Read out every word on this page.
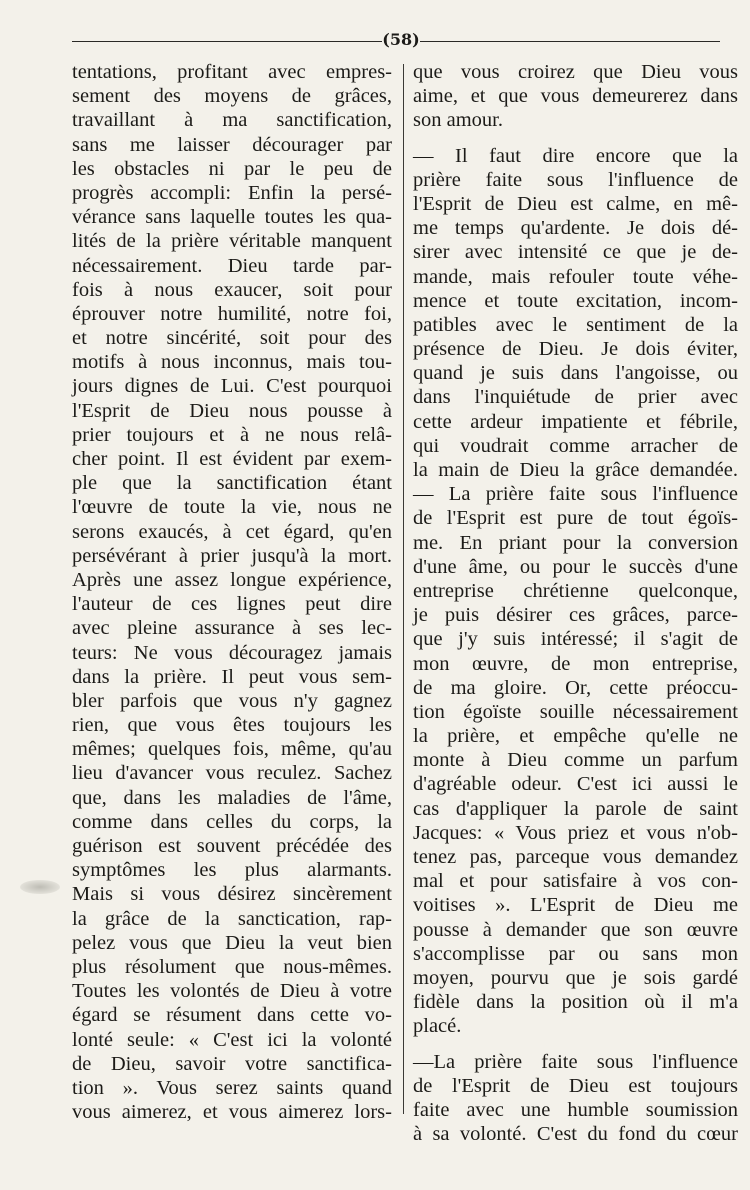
(58)
tentations, profitant avec empres-
sement des moyens de grâces,
travaillant à ma sanctification,
sans me laisser décourager par
les obstacles ni par le peu de
progrès accompli: Enfin la persé-
vérance sans laquelle toutes les qua-
lités de la prière véritable manquent
nécessairement. Dieu tarde par-
fois à nous exaucer, soit pour
éprouver notre humilité, notre foi,
et notre sincérité, soit pour des
motifs à nous inconnus, mais tou-
jours dignes de Lui. C'est pourquoi
l'Esprit de Dieu nous pousse à
prier toujours et à ne nous relâ-
cher point. Il est évident par exem-
ple que la sanctification étant
l'œuvre de toute la vie, nous ne
serons exaucés, à cet égard, qu'en
persévérant à prier jusqu'à la mort.
Après une assez longue expérience,
l'auteur de ces lignes peut dire
avec pleine assurance à ses lec-
teurs: Ne vous découragez jamais
dans la prière. Il peut vous sem-
bler parfois que vous n'y gagnez
rien, que vous êtes toujours les
mêmes; quelques fois, même, qu'au
lieu d'avancer vous reculez. Sachez
que, dans les maladies de l'âme,
comme dans celles du corps, la
guérison est souvent précédée des
symptômes les plus alarmants.
Mais si vous désirez sincèrement
la grâce de la sanctication, rap-
pelez vous que Dieu la veut bien
plus résolument que nous-mêmes.
Toutes les volontés de Dieu à votre
égard se résument dans cette vo-
lonté seule: « C'est ici la volonté
de Dieu, savoir votre sanctifica-
tion ». Vous serez saints quand
vous aimerez, et vous aimerez lors-
que vous croirez que Dieu vous
aime, et que vous demeurerez dans
son amour.
— Il faut dire encore que la
prière faite sous l'influence de
l'Esprit de Dieu est calme, en mê-
me temps qu'ardente. Je dois dé-
sirer avec intensité ce que je de-
mande, mais refouler toute véhe-
mence et toute excitation, incom-
patibles avec le sentiment de la
présence de Dieu. Je dois éviter,
quand je suis dans l'angoisse, ou
dans l'inquiétude de prier avec
cette ardeur impatiente et fébrile,
qui voudrait comme arracher de
la main de Dieu la grâce demandée.
— La prière faite sous l'influence
de l'Esprit est pure de tout égoïs-
me. En priant pour la conversion
d'une âme, ou pour le succès d'une
entreprise chrétienne quelconque,
je puis désirer ces grâces, parce-
que j'y suis intéressé; il s'agit de
mon œuvre, de mon entreprise,
de ma gloire. Or, cette préoccu-
tion égoïste souille nécessairement
la prière, et empêche qu'elle ne
monte à Dieu comme un parfum
d'agréable odeur. C'est ici aussi le
cas d'appliquer la parole de saint
Jacques: « Vous priez et vous n'ob-
tenez pas, parceque vous demandez
mal et pour satisfaire à vos con-
voitises ». L'Esprit de Dieu me
pousse à demander que son œuvre
s'accomplisse par ou sans mon
moyen, pourvu que je sois gardé
fidèle dans la position où il m'a
placé.
—La prière faite sous l'influence
de l'Esprit de Dieu est toujours
faite avec une humble soumission
à sa volonté. C'est du fond du cœur
